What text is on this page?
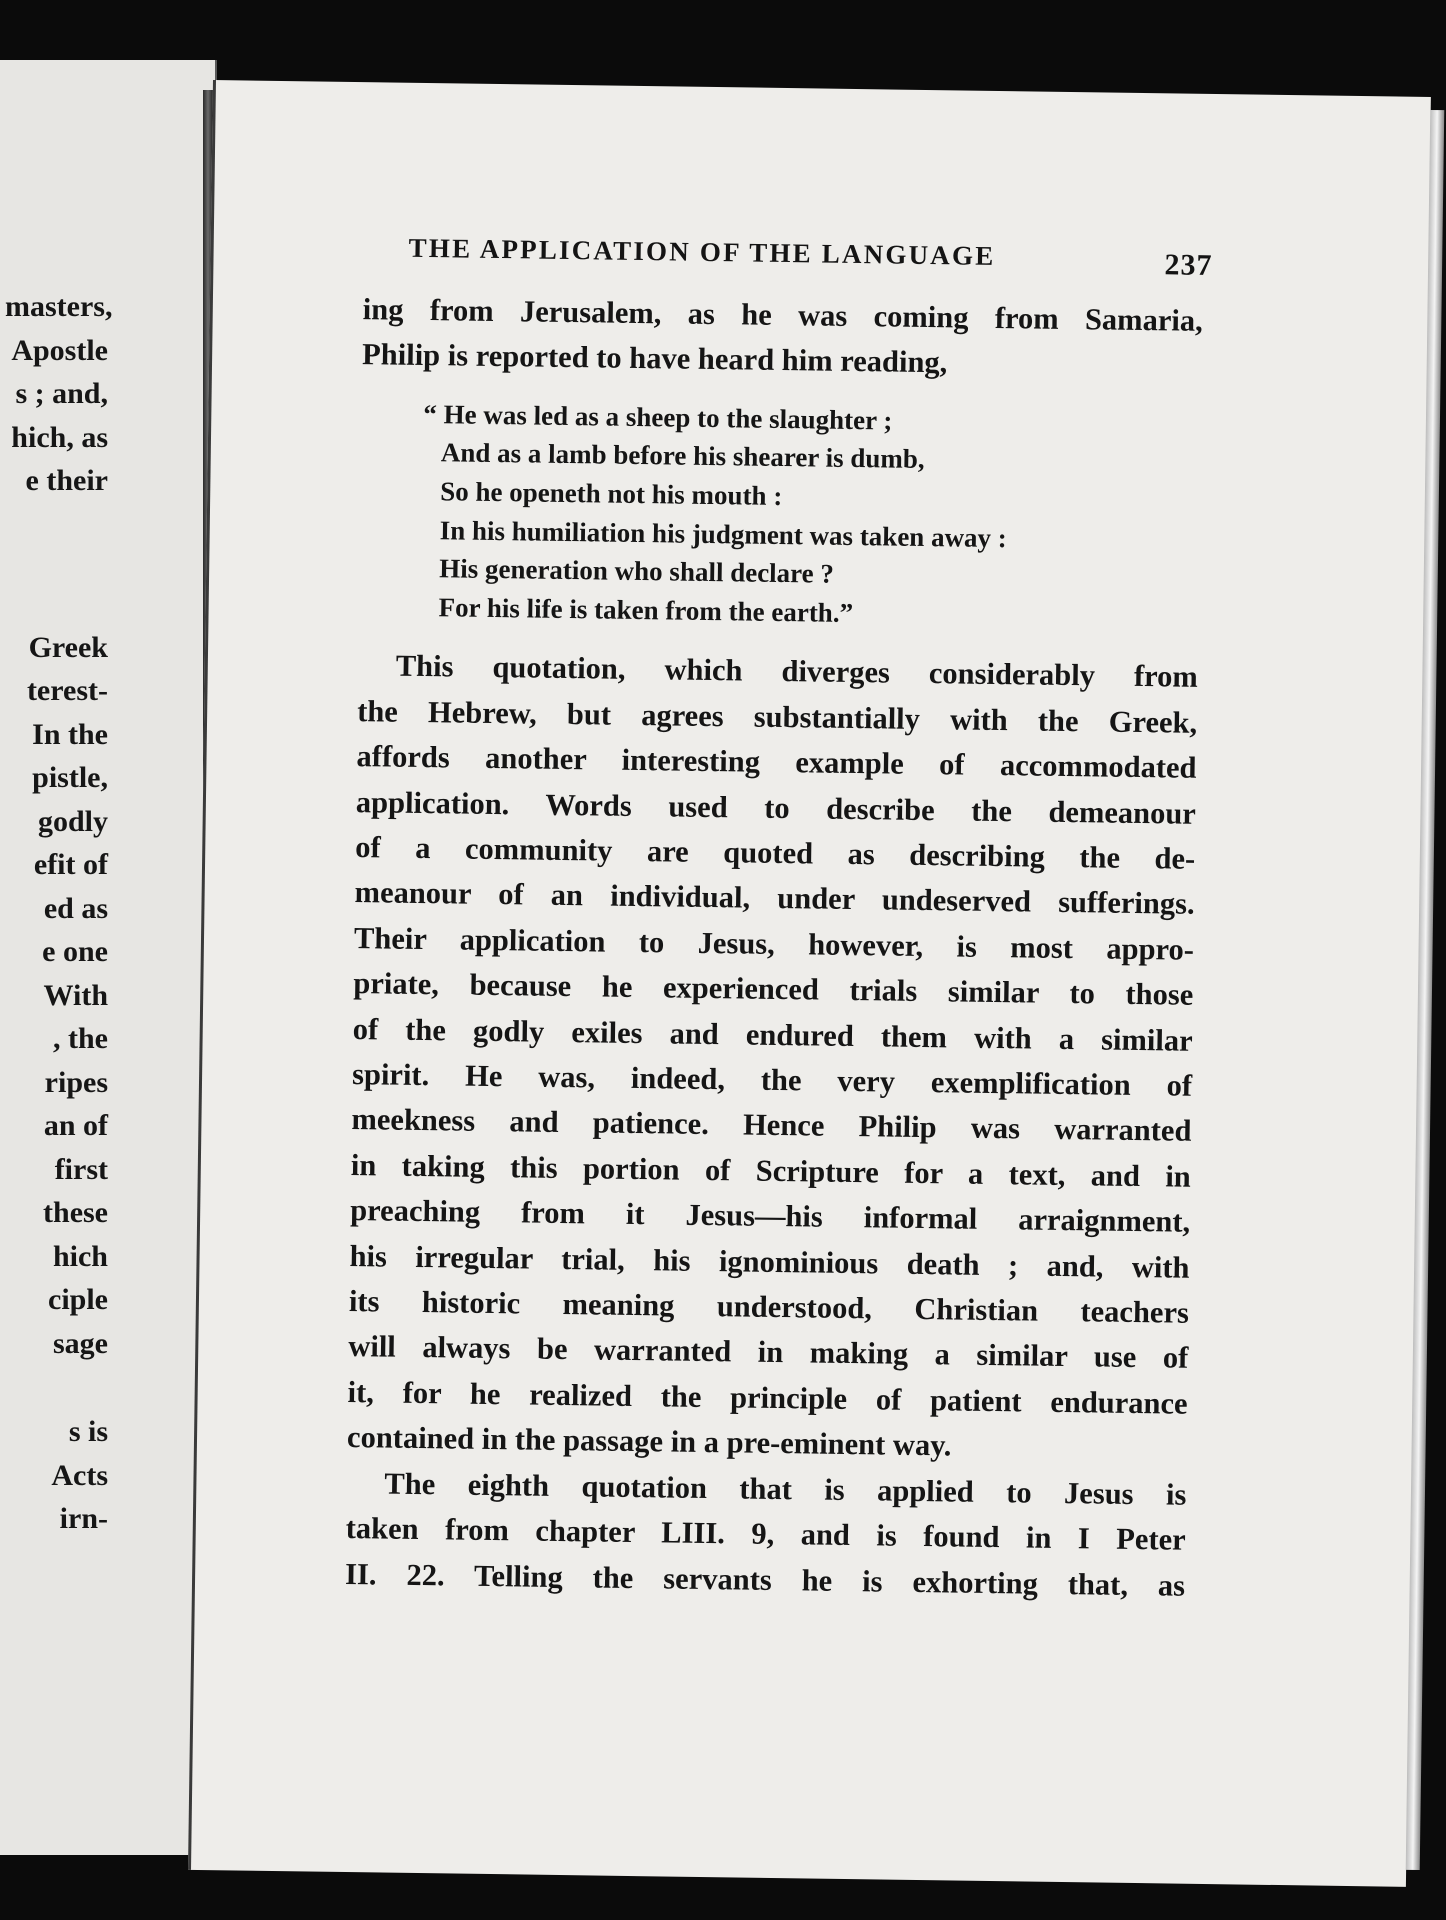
masters,
Apostle
s ; and,
hich, as
e their
Greek
terest-
In the
pistle,
godly
efit of
ed as
e one
With
, the
ripes
an of
first
these
hich
ciple
sage
s is
Acts
irn-
THE APPLICATION OF THE LANGUAGE	237
ing from Jerusalem, as he was coming from Samaria,
Philip is reported to have heard him reading,
“ He was led as a sheep to the slaughter ;
And as a lamb before his shearer is dumb,
So he openeth not his mouth :
In his humiliation his judgment was taken away :
His generation who shall declare ?
For his life is taken from the earth.”
This quotation, which diverges considerably from
the Hebrew, but agrees substantially with the Greek,
affords another interesting example of accommodated
application. Words used to describe the demeanour
of a community are quoted as describing the de-
meanour of an individual, under undeserved sufferings.
Their application to Jesus, however, is most appro-
priate, because he experienced trials similar to those
of the godly exiles and endured them with a similar
spirit. He was, indeed, the very exemplification of
meekness and patience. Hence Philip was warranted
in taking this portion of Scripture for a text, and in
preaching from it Jesus—his informal arraignment,
his irregular trial, his ignominious death ; and, with
its historic meaning understood, Christian teachers
will always be warranted in making a similar use of
it, for he realized the principle of patient endurance
contained in the passage in a pre-eminent way.
The eighth quotation that is applied to Jesus is
taken from chapter LIII. 9, and is found in I Peter
II. 22. Telling the servants he is exhorting that, as
